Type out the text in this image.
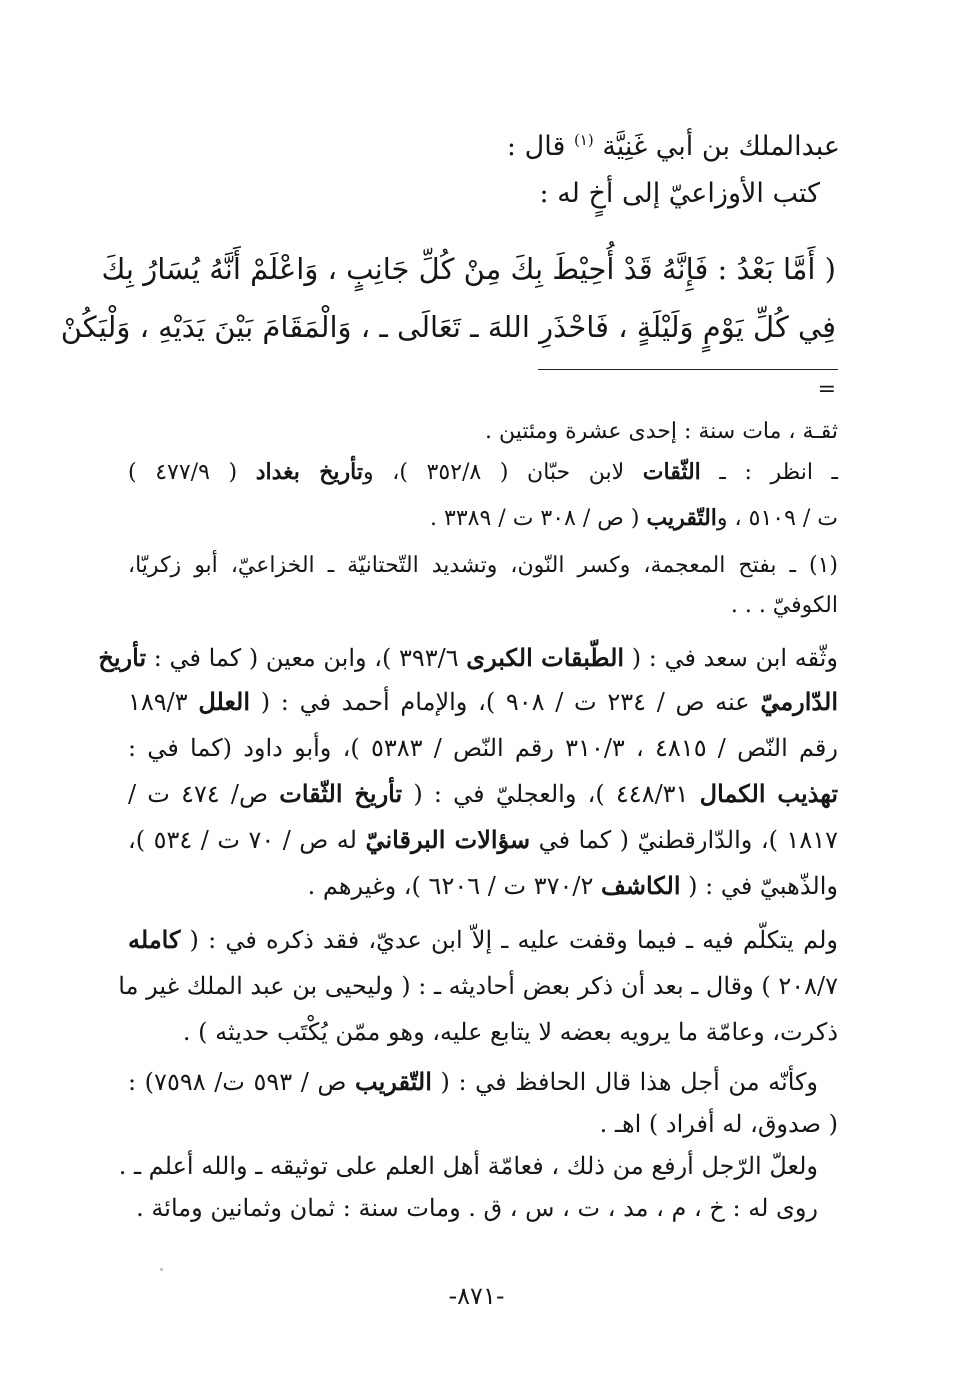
عبدالملك بن أبي غَنِيَّة $^{(١)}$ قال :
كتب الأوزاعيّ إلى أخٍ له :
( أَمَّا بَعْدُ : فَإِنَّهُ قَدْ أُحِيْطَ بِكَ مِنْ كُلِّ جَانِبٍ ، وَاعْلَمْ أَنَّهُ يُسَارُ بِكَ
فِي كُلِّ يَوْمٍ وَلَيْلَةٍ ، فَاحْذَرِ اللهَ ـ تَعَالَى ـ ، وَالْمَقَامَ بَيْنَ يَدَيْهِ ، وَلْيَكُنْ
=
ثقـة ، مات سنة : إحدى عشرة ومئتين .
ـ انظر : ـ الثّقات لابن حبّان ( ٣٥٢/٨ )، وتأريخ بغداد ( ٤٧٧/٩ )
ت / ٥١٠٩ ، والتّقريب ( ص / ٣٠٨ ت / ٣٣٨٩ .
(١) ـ بفتح المعجمة، وكسر النّون، وتشديد التّحتانيّة ـ الخزاعيّ، أبو زكريّا،
الكوفيّ . . .
وثّقه ابن سعد في : ( الطّبقات الكبرى ٣٩٣/٦ )، وابن معين ( كما في : تأريخ
الدّارميّ عنه ص / ٢٣٤ ت / ٩٠٨ )، والإمام أحمد في : ( العلل ١٨٩/٣
رقم النّص / ٤٨١٥ ، ٣١٠/٣ رقم النّص / ٥٣٨٣ )، وأبو داود (كما في :
تهذيب الكمال ٤٤٨/٣١ )، والعجليّ في : ( تأريخ الثّقات ص/ ٤٧٤ ت /
١٨١٧ )، والدّارقطنيّ ( كما في سؤالات البرقانيّ له ص / ٧٠ ت / ٥٣٤ )،
والذّهبيّ في : ( الكاشف ٣٧٠/٢ ت / ٦٢٠٦ )، وغيرهم .
ولم يتكلّم فيه ـ فيما وقفت عليه ـ إلاّ ابن عديّ، فقد ذكره في : ( كامله
٢٠٨/٧ ) وقال ـ بعد أن ذكر بعض أحاديثه ـ : ( وليحيى بن عبد الملك غير ما
ذكرت، وعامّة ما يرويه بعضه لا يتابع عليه، وهو ممّن يُكْتَب حديثه ) .
وكأنّه من أجل هذا قال الحافظ في : ( التّقريب ص / ٥٩٣ ت/ ٧٥٩٨) :
( صدوق، له أفراد ) اهـ .
ولعلّ الرّجل أرفع من ذلك ، فعامّة أهل العلم على توثيقه ـ والله أعلم ـ .
روى له : خ ، م ، مد ، ت ، س ، ق . ومات سنة : ثمان وثمانين ومائة .
-٨٧١-
